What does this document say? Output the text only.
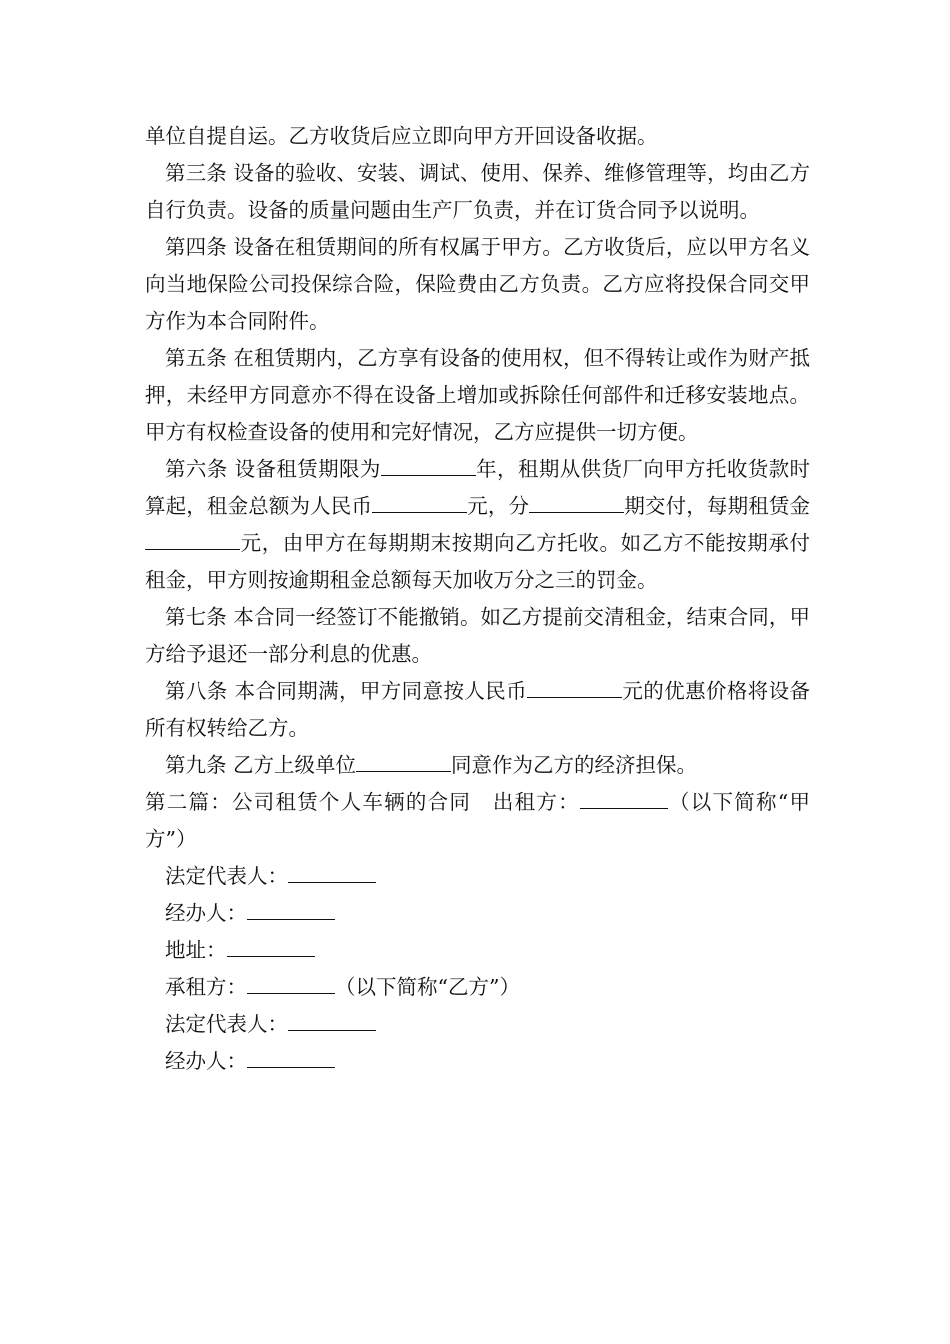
单位自提自运。乙方收货后应立即向甲方开回设备收据。

第三条 设备的验收、安装、调试、使用、保养、维修管理等，均由乙方自行负责。设备的质量问题由生产厂负责，并在订货合同予以说明。

第四条 设备在租赁期间的所有权属于甲方。乙方收货后，应以甲方名义向当地保险公司投保综合险，保险费由乙方负责。乙方应将投保合同交甲方作为本合同附件。

第五条 在租赁期内，乙方享有设备的使用权，但不得转让或作为财产抵押，未经甲方同意亦不得在设备上增加或拆除任何部件和迁移安装地点。甲方有权检查设备的使用和完好情况，乙方应提供一切方便。

第六条 设备租赁期限为	年，租期从供货厂向甲方托收货款时算起，租金总额为人民币	元，分	期交付，每期租赁金元，由甲方在每期期末按期向乙方托收。如乙方不能按期承付租金，甲方则按逾期租金总额每天加收万分之三的罚金。

第七条 本合同一经签订不能撤销。如乙方提前交清租金，结束合同，甲方给予退还一部分利息的优惠。

第八条 本合同期满，甲方同意按人民币	元的优惠价格将设备所有权转给乙方。

第九条 乙方上级单位	同意作为乙方的经济担保。

第二篇：公司租赁个人车辆的合同　出租方：	（以下简称“甲方”）

法定代表人：

经办人：

地址：

承租方：	（以下简称“乙方”）

法定代表人：

经办人：
